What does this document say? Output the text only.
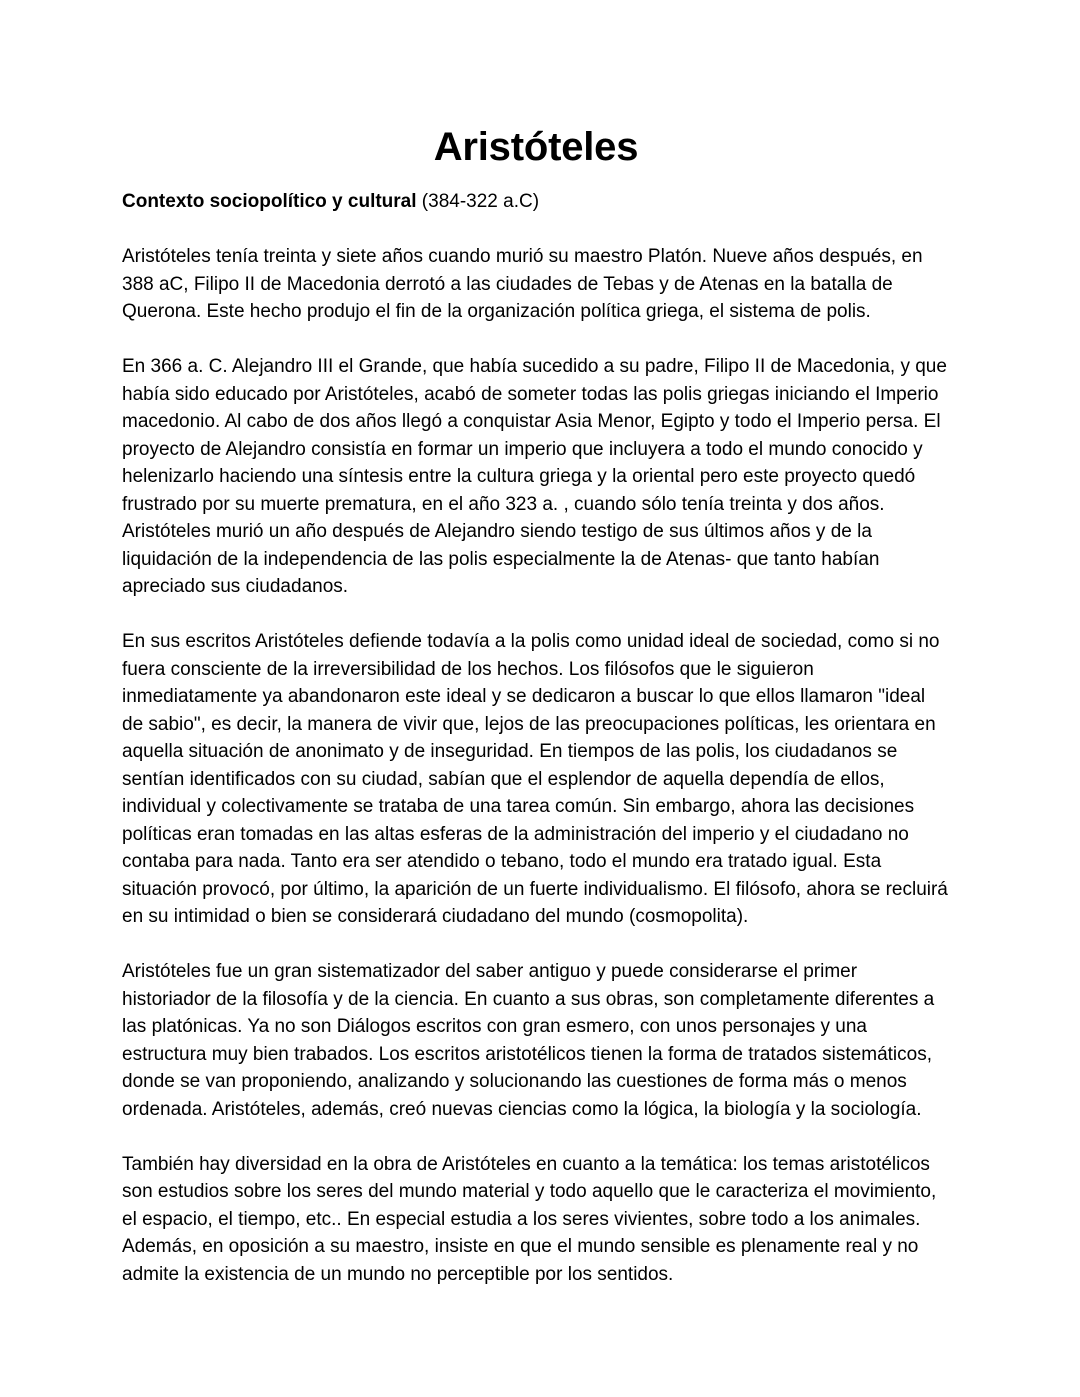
Aristóteles

Contexto sociopolítico y cultural (384-322 a.C)

Aristóteles tenía treinta y siete años cuando murió su maestro Platón. Nueve años después, en 388 aC, Filipo II de Macedonia derrotó a las ciudades de Tebas y de Atenas en la batalla de Querona. Este hecho produjo el fin de la organización política griega, el sistema de polis.

En 366 a. C. Alejandro III el Grande, que había sucedido a su padre, Filipo II de Macedonia, y que había sido educado por Aristóteles, acabó de someter todas las polis griegas iniciando el Imperio macedonio. Al cabo de dos años llegó a conquistar Asia Menor, Egipto y todo el Imperio persa. El proyecto de Alejandro consistía en formar un imperio que incluyera a todo el mundo conocido y helenizarlo haciendo una síntesis entre la cultura griega y la oriental pero este proyecto quedó frustrado por su muerte prematura, en el año 323 a. , cuando sólo tenía treinta y dos años. Aristóteles murió un año después de Alejandro siendo testigo de sus últimos años y de la liquidación de la independencia de las polis especialmente la de Atenas- que tanto habían apreciado sus ciudadanos.

En sus escritos Aristóteles defiende todavía a la polis como unidad ideal de sociedad, como si no fuera consciente de la irreversibilidad de los hechos. Los filósofos que le siguieron inmediatamente ya abandonaron este ideal y se dedicaron a buscar lo que ellos llamaron "ideal de sabio", es decir, la manera de vivir que, lejos de las preocupaciones políticas, les orientara en aquella situación de anonimato y de inseguridad. En tiempos de las polis, los ciudadanos se sentían identificados con su ciudad, sabían que el esplendor de aquella dependía de ellos, individual y colectivamente se trataba de una tarea común. Sin embargo, ahora las decisiones políticas eran tomadas en las altas esferas de la administración del imperio y el ciudadano no contaba para nada. Tanto era ser atendido o tebano, todo el mundo era tratado igual. Esta situación provocó, por último, la aparición de un fuerte individualismo. El filósofo, ahora se recluirá en su intimidad o bien se considerará ciudadano del mundo (cosmopolita).

Aristóteles fue un gran sistematizador del saber antiguo y puede considerarse el primer historiador de la filosofía y de la ciencia. En cuanto a sus obras, son completamente diferentes a las platónicas. Ya no son Diálogos escritos con gran esmero, con unos personajes y una estructura muy bien trabados. Los escritos aristotélicos tienen la forma de tratados sistemáticos, donde se van proponiendo, analizando y solucionando las cuestiones de forma más o menos ordenada. Aristóteles, además, creó nuevas ciencias como la lógica, la biología y la sociología.

También hay diversidad en la obra de Aristóteles en cuanto a la temática: los temas aristotélicos son estudios sobre los seres del mundo material y todo aquello que le caracteriza el movimiento, el espacio, el tiempo, etc.. En especial estudia a los seres vivientes, sobre todo a los animales. Además, en oposición a su maestro, insiste en que el mundo sensible es plenamente real y no admite la existencia de un mundo no perceptible por los sentidos.
